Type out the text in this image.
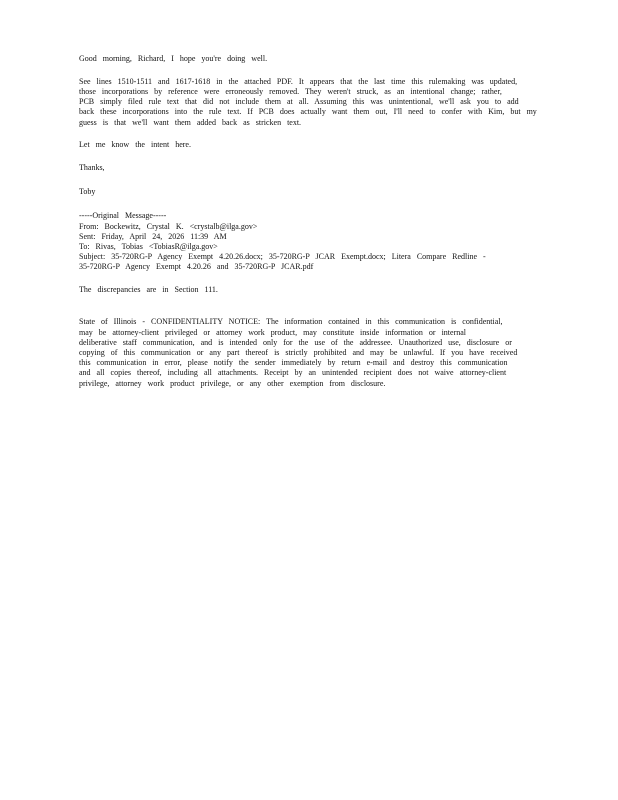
Good morning, Richard, I hope you're doing well.
See lines 1510-1511 and 1617-1618 in the attached PDF. It appears that the last time this rulemaking was updated,
those incorporations by reference were erroneously removed. They weren't struck, as an intentional change; rather,
PCB simply filed rule text that did not include them at all. Assuming this was unintentional, we'll ask you to add
back these incorporations into the rule text. If PCB does actually want them out, I'll need to confer with Kim, but my
guess is that we'll want them added back as stricken text.
Let me know the intent here.
Thanks,
Toby
-----Original Message-----
From: Bockewitz, Crystal K. <crystalb@ilga.gov>
Sent: Friday, April 24, 2026 11:39 AM
To: Rivas, Tobias <TobiasR@ilga.gov>
Subject: 35-720RG-P Agency Exempt 4.20.26.docx; 35-720RG-P JCAR Exempt.docx; Litera Compare Redline -
35-720RG-P Agency Exempt 4.20.26 and 35-720RG-P JCAR.pdf
The discrepancies are in Section 111.
State of Illinois - CONFIDENTIALITY NOTICE: The information contained in this communication is confidential,
may be attorney-client privileged or attorney work product, may constitute inside information or internal
deliberative staff communication, and is intended only for the use of the addressee. Unauthorized use, disclosure or
copying of this communication or any part thereof is strictly prohibited and may be unlawful. If you have received
this communication in error, please notify the sender immediately by return e-mail and destroy this communication
and all copies thereof, including all attachments. Receipt by an unintended recipient does not waive attorney-client
privilege, attorney work product privilege, or any other exemption from disclosure.
